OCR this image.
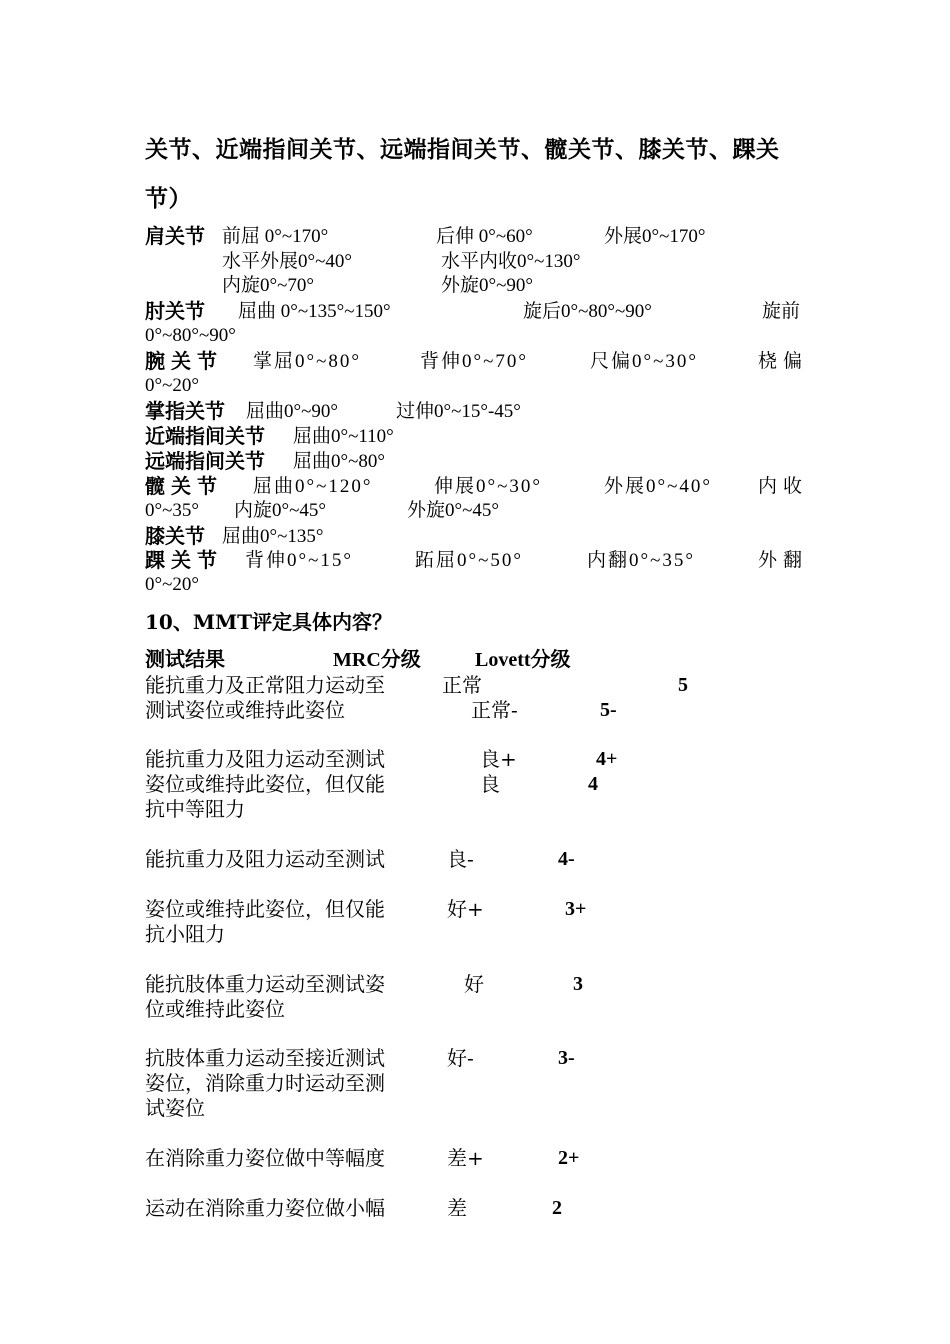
关节、近端指间关节、远端指间关节、髋关节、膝关节、踝关
节）
肩关节 前屈 0°~170°	后伸 0°~60°	外展0°~170°
水平外展0°~40°	水平内收0°~130°
内旋0°~70°	外旋0°~90°
肘关节 屈曲 0°~135°~150°	旋后0°~80°~90°	旋前
0°~80°~90°
腕关节 掌屈0°~80°	背伸0°~70°	尺偏0°~30°	桡偏
0°~20°
掌指关节 屈曲0°~90°	过伸0°~15°-45°
近端指间关节 屈曲0°~110°
远端指间关节 屈曲0°~80°
髋关节 屈曲0°~120°	伸展0°~30°	外展0°~40° 内收
0°~35° 内旋0°~45°	外旋0°~45°
膝关节 屈曲0°~135°
踝关节 背伸0°~15°	跖屈0°~50°	内翻0°~35°	外翻
0°~20°
10、MMT评定具体内容？
测试结果	MRC分级	Lovett分级
能抗重力及正常阻力运动至	正常	5
测试姿位或维持此姿位	正常-	5-
能抗重力及阻力运动至测试	良+	4+
姿位或维持此姿位，但仅能	良	4
抗中等阻力
能抗重力及阻力运动至测试	良-	4-
姿位或维持此姿位，但仅能	好+	3+
抗小阻力
能抗肢体重力运动至测试姿	好	3
位或维持此姿位
抗肢体重力运动至接近测试	好-	3-
姿位，消除重力时运动至测
试姿位
在消除重力姿位做中等幅度	差+	2+
运动在消除重力姿位做小幅	差	2
